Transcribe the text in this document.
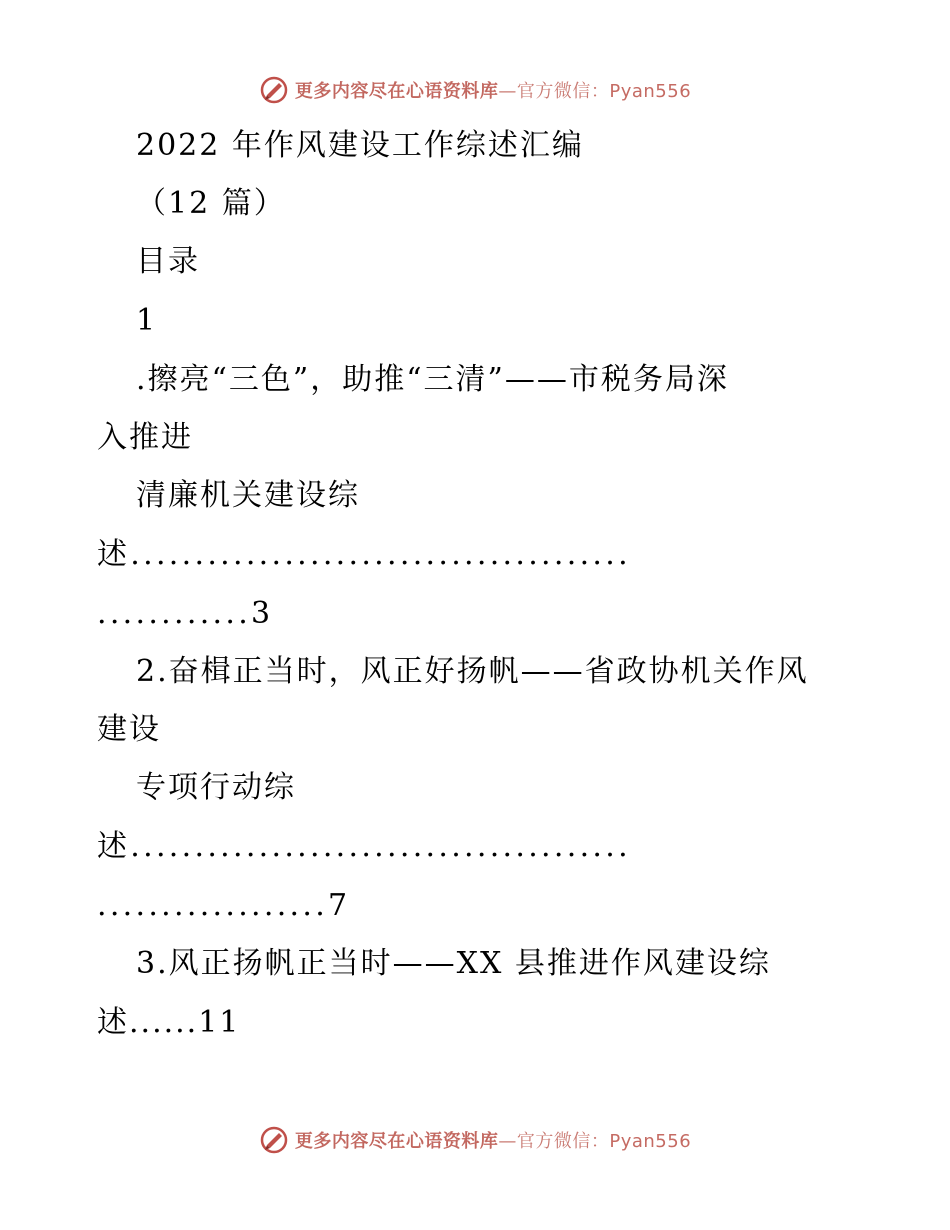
更多内容尽在心语资料库—官方微信：Pyan556
2022 年作风建设工作综述汇编
（12 篇）
目录
1
.擦亮“三色”，助推“三清”——市税务局深
入推进
清廉机关建设综
述.......................................
............3
2.奋楫正当时，风正好扬帆——省政协机关作风
建设
专项行动综
述.......................................
..................7
3.风正扬帆正当时——XX 县推进作风建设综
述......11
更多内容尽在心语资料库—官方微信：Pyan556
